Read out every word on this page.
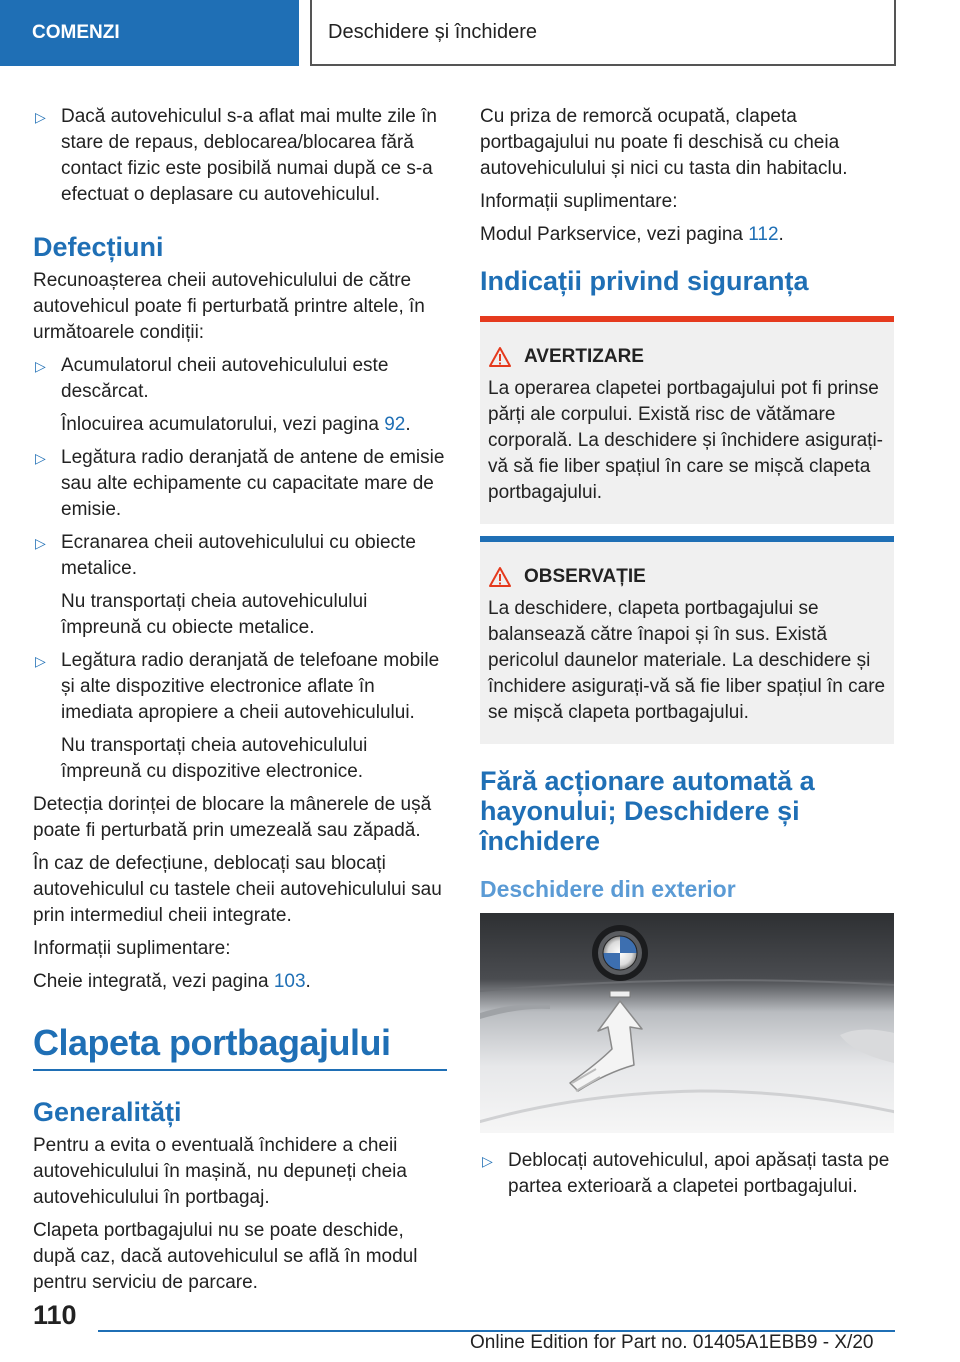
COMENZI	Deschidere și închidere
▷ Dacă autovehiculul s-a aflat mai multe zile în stare de repaus, deblocarea/blocarea fără contact fizic este posibilă numai după ce s-a efectuat o deplasare cu autovehiculul.
Defecțiuni

Recunoașterea cheii autovehiculului de către autovehicul poate fi perturbată printre altele, în următoarele condiții:

▷ Acumulatorul cheii autovehiculului este descărcat.
Înlocuirea acumulatorului, vezi pagina 92.
▷ Legătura radio deranjată de antene de emisie sau alte echipamente cu capacitate mare de emisie.
▷ Ecranarea cheii autovehiculului cu obiecte metalice.
Nu transportați cheia autovehiculului împreună cu obiecte metalice.
▷ Legătura radio deranjată de telefoane mobile și alte dispozitive electronice aflate în imediata apropiere a cheii autovehiculului.
Nu transportați cheia autovehiculului împreună cu dispozitive electronice.

Detecția dorinței de blocare la mânerele de ușă poate fi perturbată prin umezeală sau zăpadă.

În caz de defecțiune, deblocați sau blocați autovehiculul cu tastele cheii autovehiculului sau prin intermediul cheii integrate.

Informații suplimentare:

Cheie integrată, vezi pagina 103.

Clapeta portbagajului
Generalități

Pentru a evita o eventuală închidere a cheii autovehiculului în mașină, nu depuneți cheia autovehiculului în portbagaj.

Clapeta portbagajului nu se poate deschide, după caz, dacă autovehiculul se află în modul pentru serviciu de parcare.

Cu priza de remorcă ocupată, clapeta portbagajului nu poate fi deschisă cu cheia autovehiculului și nici cu tasta din habitaclu.

Informații suplimentare:

Modul Parkservice, vezi pagina 112.

Indicații privind siguranța
AVERTIZARE
La operarea clapetei portbagajului pot fi prinse părți ale corpului. Există risc de vătămare corporală. La deschidere și închidere asigurați-vă să fie liber spațiul în care se mișcă clapeta portbagajului.
OBSERVAȚIE
La deschidere, clapeta portbagajului se balansează către înapoi și în sus. Există pericolul daunelor materiale. La deschidere și închidere asigurați-vă să fie liber spațiul în care se mișcă clapeta portbagajului.
Fără acționare automată a hayonului; Deschidere și închidere
Deschidere din exterior
▷ Deblocați autovehiculul, apoi apăsați tasta pe partea exterioară a clapetei portbagajului.
110
Online Edition for Part no. 01405A1EBB9 - X/20
